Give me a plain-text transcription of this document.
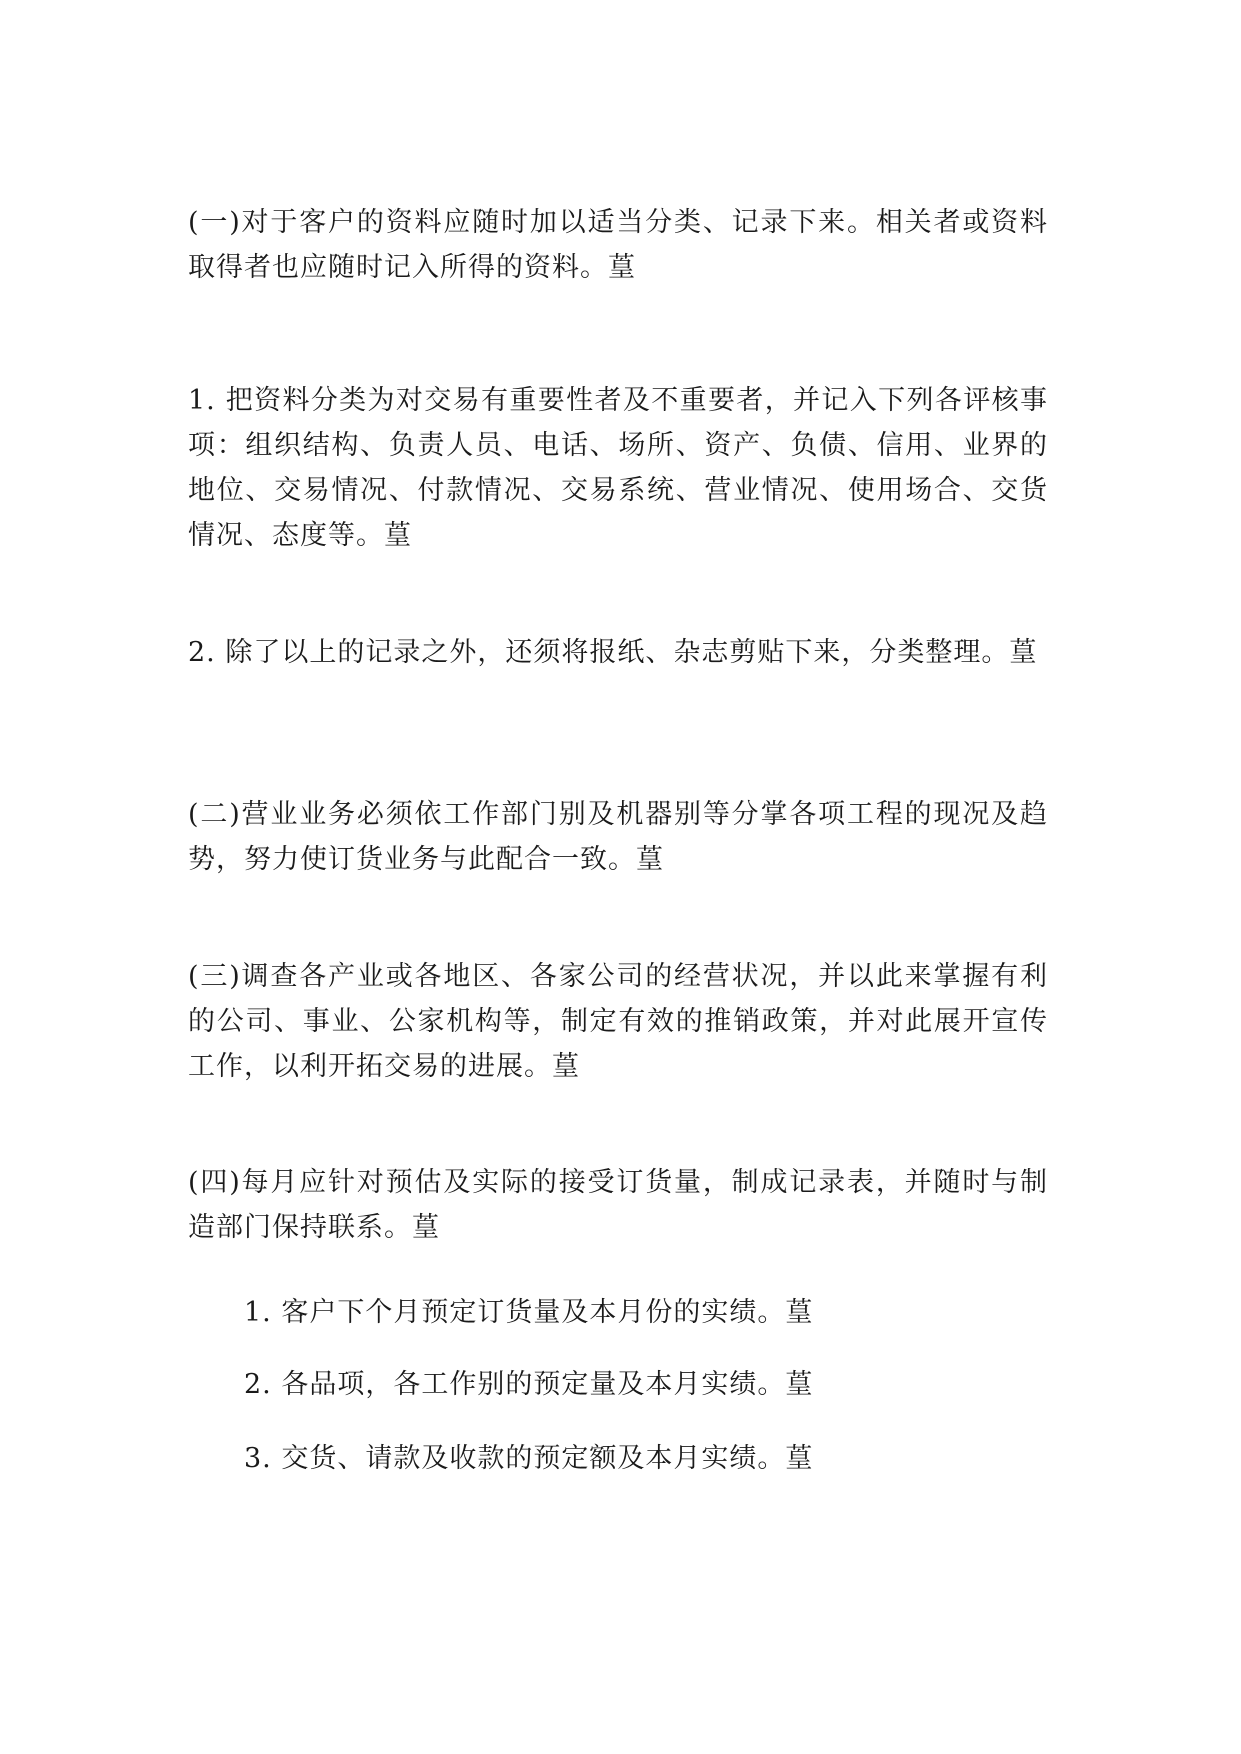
(一)对于客户的资料应随时加以适当分类、记录下来。相关者或资料取得者也应随时记入所得的资料。葟

1. 把资料分类为对交易有重要性者及不重要者，并记入下列各评核事项：组织结构、负责人员、电话、场所、资产、负债、信用、业界的地位、交易情况、付款情况、交易系统、营业情况、使用场合、交货情况、态度等。葟

2. 除了以上的记录之外，还须将报纸、杂志剪贴下来，分类整理。葟

(二)营业业务必须依工作部门别及机器别等分掌各项工程的现况及趋势，努力使订货业务与此配合一致。葟

(三)调查各产业或各地区、各家公司的经营状况，并以此来掌握有利的公司、事业、公家机构等，制定有效的推销政策，并对此展开宣传工作，以利开拓交易的进展。葟

(四)每月应针对预估及实际的接受订货量，制成记录表，并随时与制造部门保持联系。葟

1. 客户下个月预定订货量及本月份的实绩。葟

2. 各品项，各工作别的预定量及本月实绩。葟

3. 交货、请款及收款的预定额及本月实绩。葟
